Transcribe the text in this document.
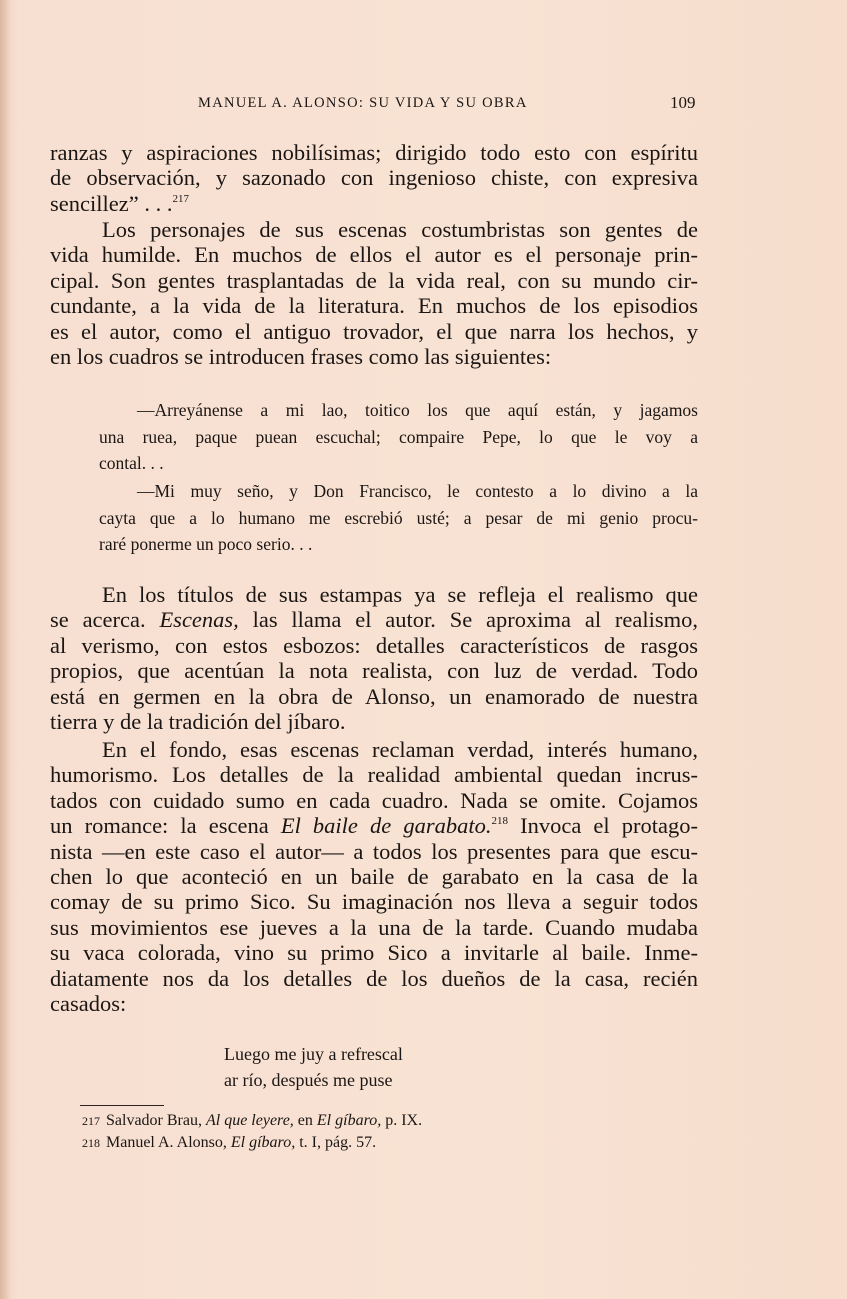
MANUEL A. ALONSO: SU VIDA Y SU OBRA	109
ranzas y aspiraciones nobilísimas; dirigido todo esto con espíritu
de observación, y sazonado con ingenioso chiste, con expresiva
sencillez” . . .$^{217}$
Los personajes de sus escenas costumbristas son gentes de
vida humilde. En muchos de ellos el autor es el personaje prin-
cipal. Son gentes trasplantadas de la vida real, con su mundo cir-
cundante, a la vida de la literatura. En muchos de los episodios
es el autor, como el antiguo trovador, el que narra los hechos, y
en los cuadros se introducen frases como las siguientes:
—Arreyánense a mi lao, toitico los que aquí están, y jagamos
una ruea, paque puean escuchal; compaire Pepe, lo que le voy a
contal. . .
—Mi muy seño, y Don Francisco, le contesto a lo divino a la
cayta que a lo humano me escrebió usté; a pesar de mi genio procu-
raré ponerme un poco serio. . .
En los títulos de sus estampas ya se refleja el realismo que
se acerca. Escenas, las llama el autor. Se aproxima al realismo,
al verismo, con estos esbozos: detalles característicos de rasgos
propios, que acentúan la nota realista, con luz de verdad. Todo
está en germen en la obra de Alonso, un enamorado de nuestra
tierra y de la tradición del jíbaro.
En el fondo, esas escenas reclaman verdad, interés humano,
humorismo. Los detalles de la realidad ambiental quedan incrus-
tados con cuidado sumo en cada cuadro. Nada se omite. Cojamos
un romance: la escena El baile de garabato.$^{218}$ Invoca el protago-
nista —en este caso el autor— a todos los presentes para que escu-
chen lo que aconteció en un baile de garabato en la casa de la
comay de su primo Sico. Su imaginación nos lleva a seguir todos
sus movimientos ese jueves a la una de la tarde. Cuando mudaba
su vaca colorada, vino su primo Sico a invitarle al baile. Inme-
diatamente nos da los detalles de los dueños de la casa, recién
casados:
Luego me juy a refrescal
ar río, después me puse
217 Salvador Brau, Al que leyere, en El gíbaro, p. IX.
218 Manuel A. Alonso, El gíbaro, t. I, pág. 57.
